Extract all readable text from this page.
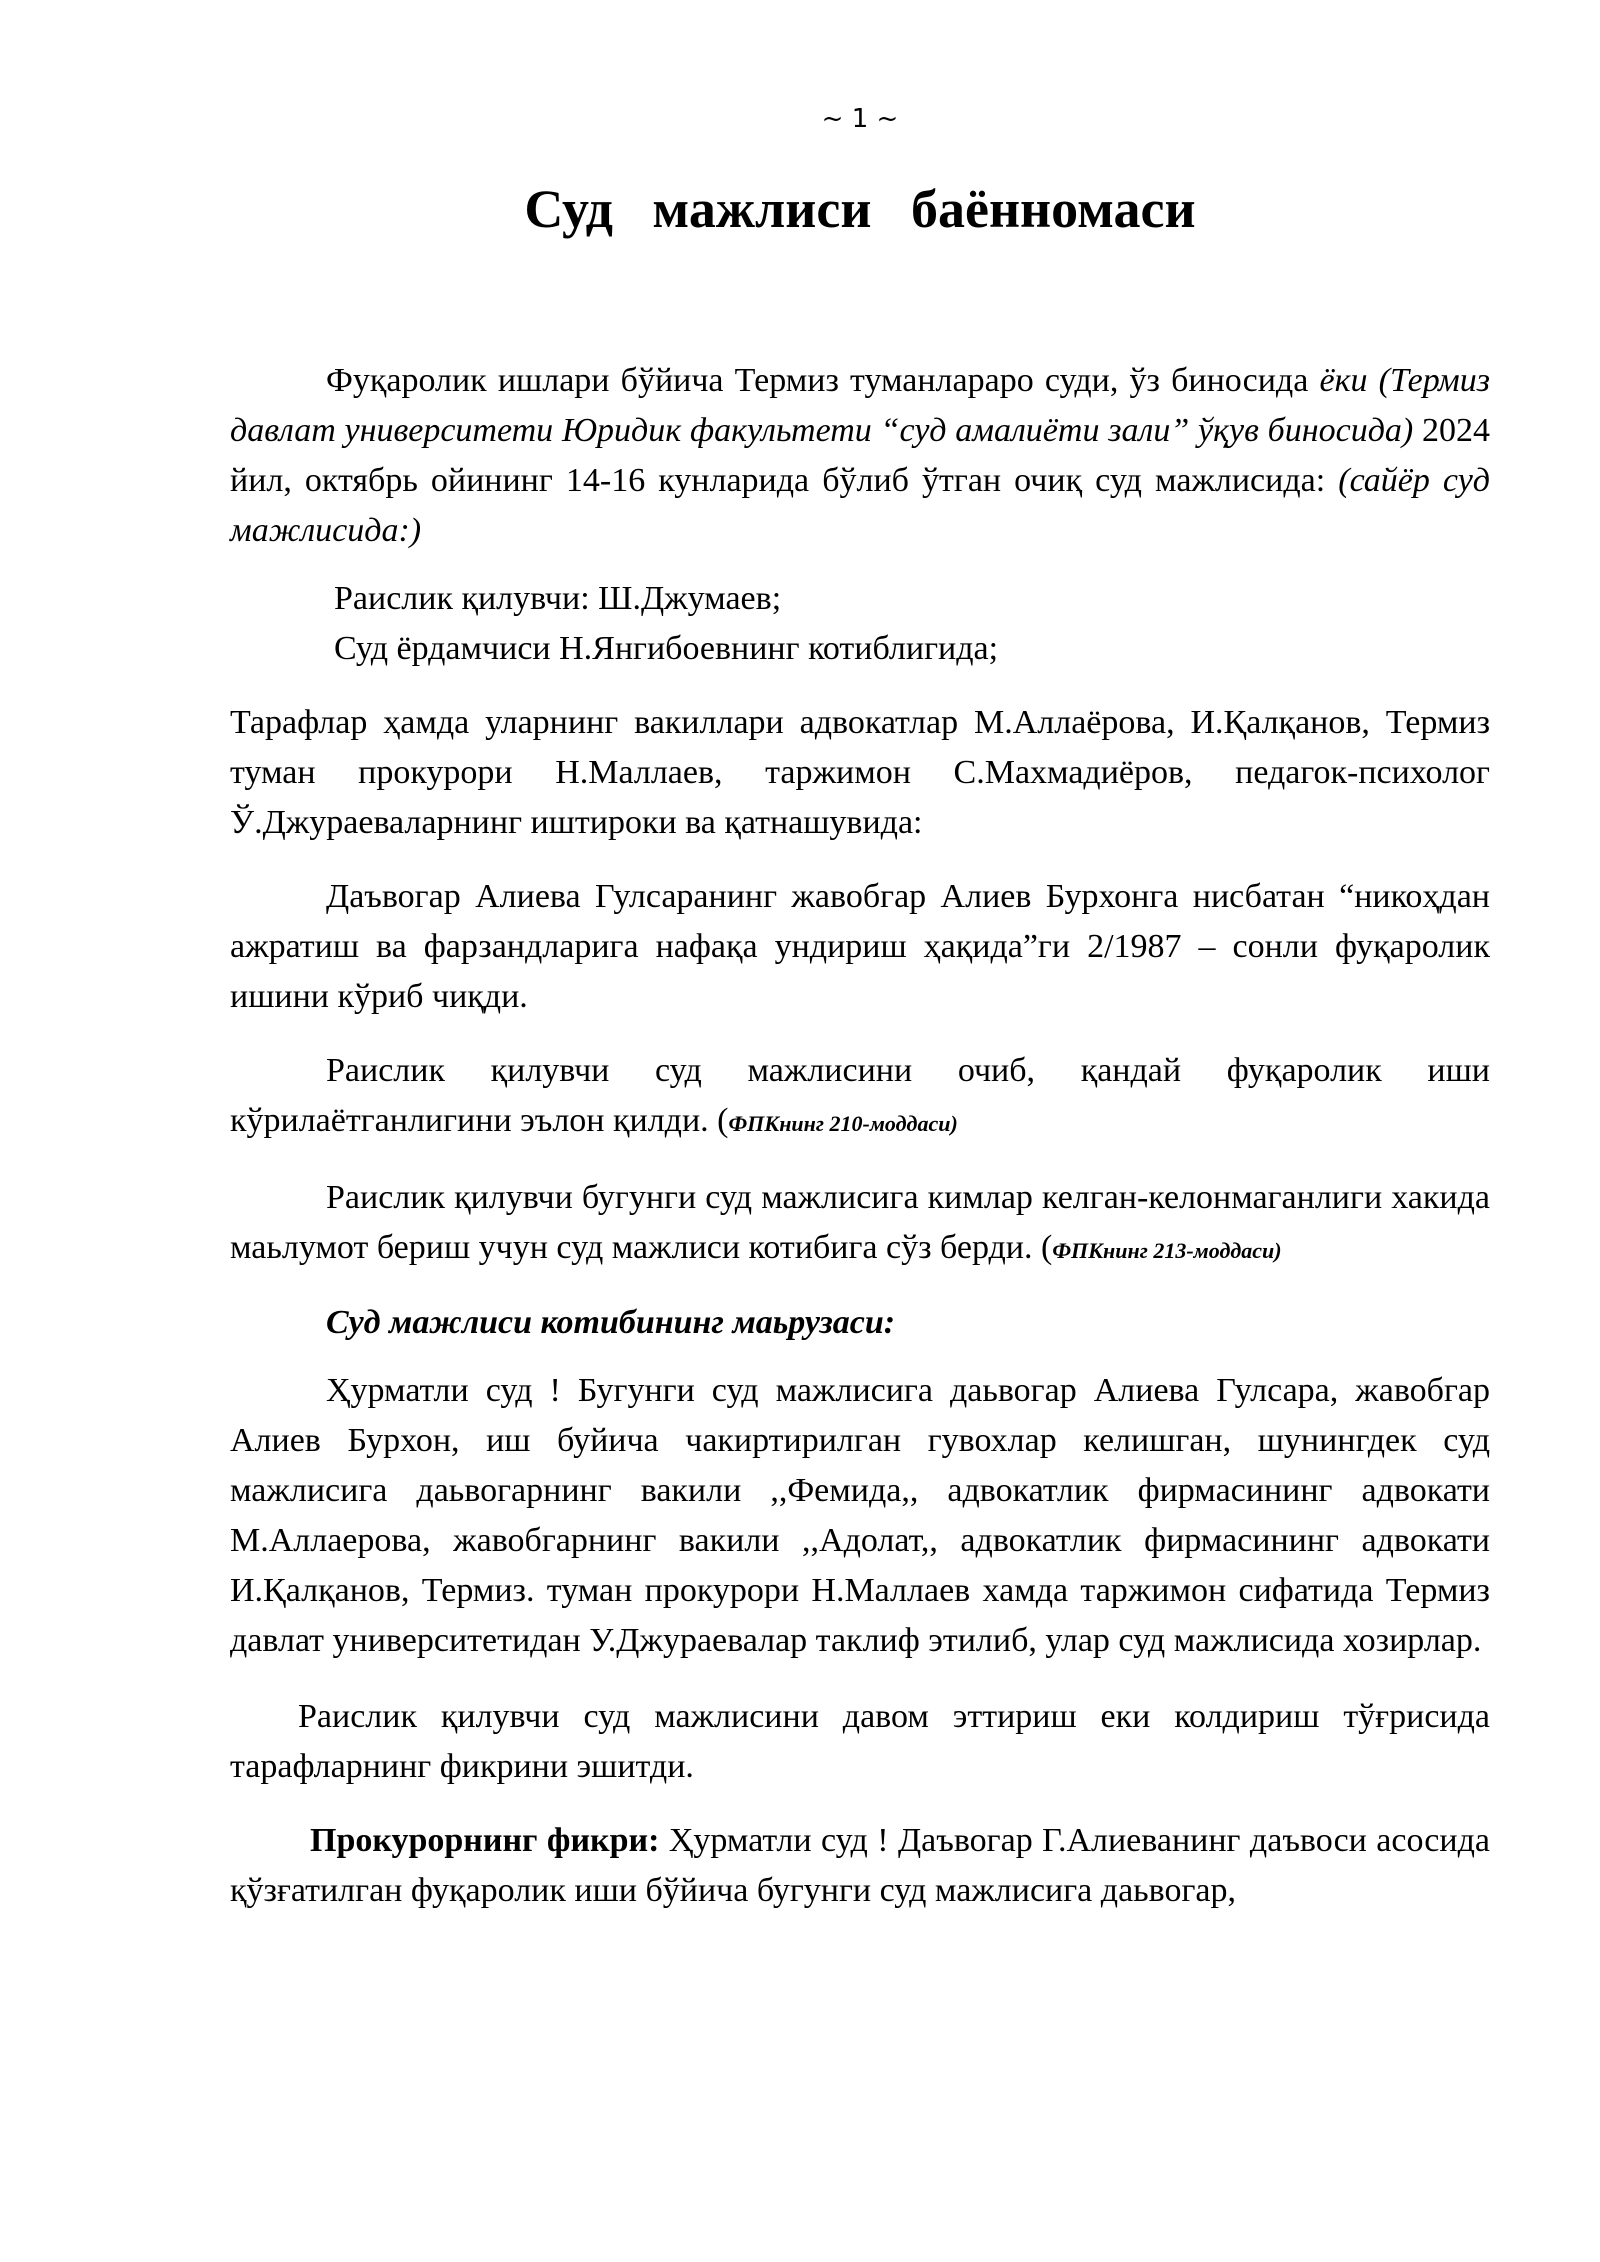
~ 1 ~
Суд мажлиси баённомаси

Фуқаролик ишлари бўйича Термиз туманлараро суди, ўз биносида ёки (Термиз давлат университети Юридик факультети “суд амалиёти зали” ўқув биносида) 2024 йил, октябрь ойининг 14-16 кунларида бўлиб ўтган очиқ суд мажлисида: (сайёр суд мажлисида:)

Раислик қилувчи: Ш.Джумаев;
Суд ёрдамчиси Н.Янгибоевнинг котиблигида;

Тарафлар ҳамда уларнинг вакиллари адвокатлар М.Аллаёрова, И.Қалқанов, Термиз туман прокурори Н.Маллаев, таржимон С.Махмадиёров, педагок-психолог Ў.Джураеваларнинг иштироки ва қатнашувида:

Даъвогар Алиева Гулсаранинг жавобгар Алиев Бурхонга нисбатан “никоҳдан ажратиш ва фарзандларига нафақа ундириш ҳақида”ги 2/1987 – сонли фуқаролик ишини кўриб чиқди.

Раислик қилувчи суд мажлисини очиб, қандай фуқаролик иши кўрилаётганлигини эълон қилди. (ФПКнинг 210-моддаси)

Раислик қилувчи бугунги суд мажлисига кимлар келган-келонмаганлиги хакида маьлумот бериш учун суд мажлиси котибига сўз берди. (ФПКнинг 213-моддаси)

Суд мажлиси котибининг маьрузаси:

Ҳурматли суд ! Бугунги суд мажлисига даьвогар Алиева Гулсара, жавобгар Алиев Бурхон, иш буйича чакиртирилган гувохлар келишган, шунингдек суд мажлисига даьвогарнинг вакили ,,Фемида,, адвокатлик фирмасининг адвокати М.Аллаерова, жавобгарнинг вакили ,,Адолат,, адвокатлик фирмасининг адвокати И.Қалқанов, Термиз. туман прокурори Н.Маллаев хамда таржимон сифатида Термиз давлат университетидан У.Джураевалар таклиф этилиб, улар суд мажлисида хозирлар.

Раислик қилувчи суд мажлисини давом эттириш еки колдириш тўғрисида тарафларнинг фикрини эшитди.

Прокурорнинг фикри: Ҳурматли суд ! Даъвогар Г.Алиеванинг даъвоси асосида қўзғатилган фуқаролик иши бўйича бугунги суд мажлисига даьвогар,
